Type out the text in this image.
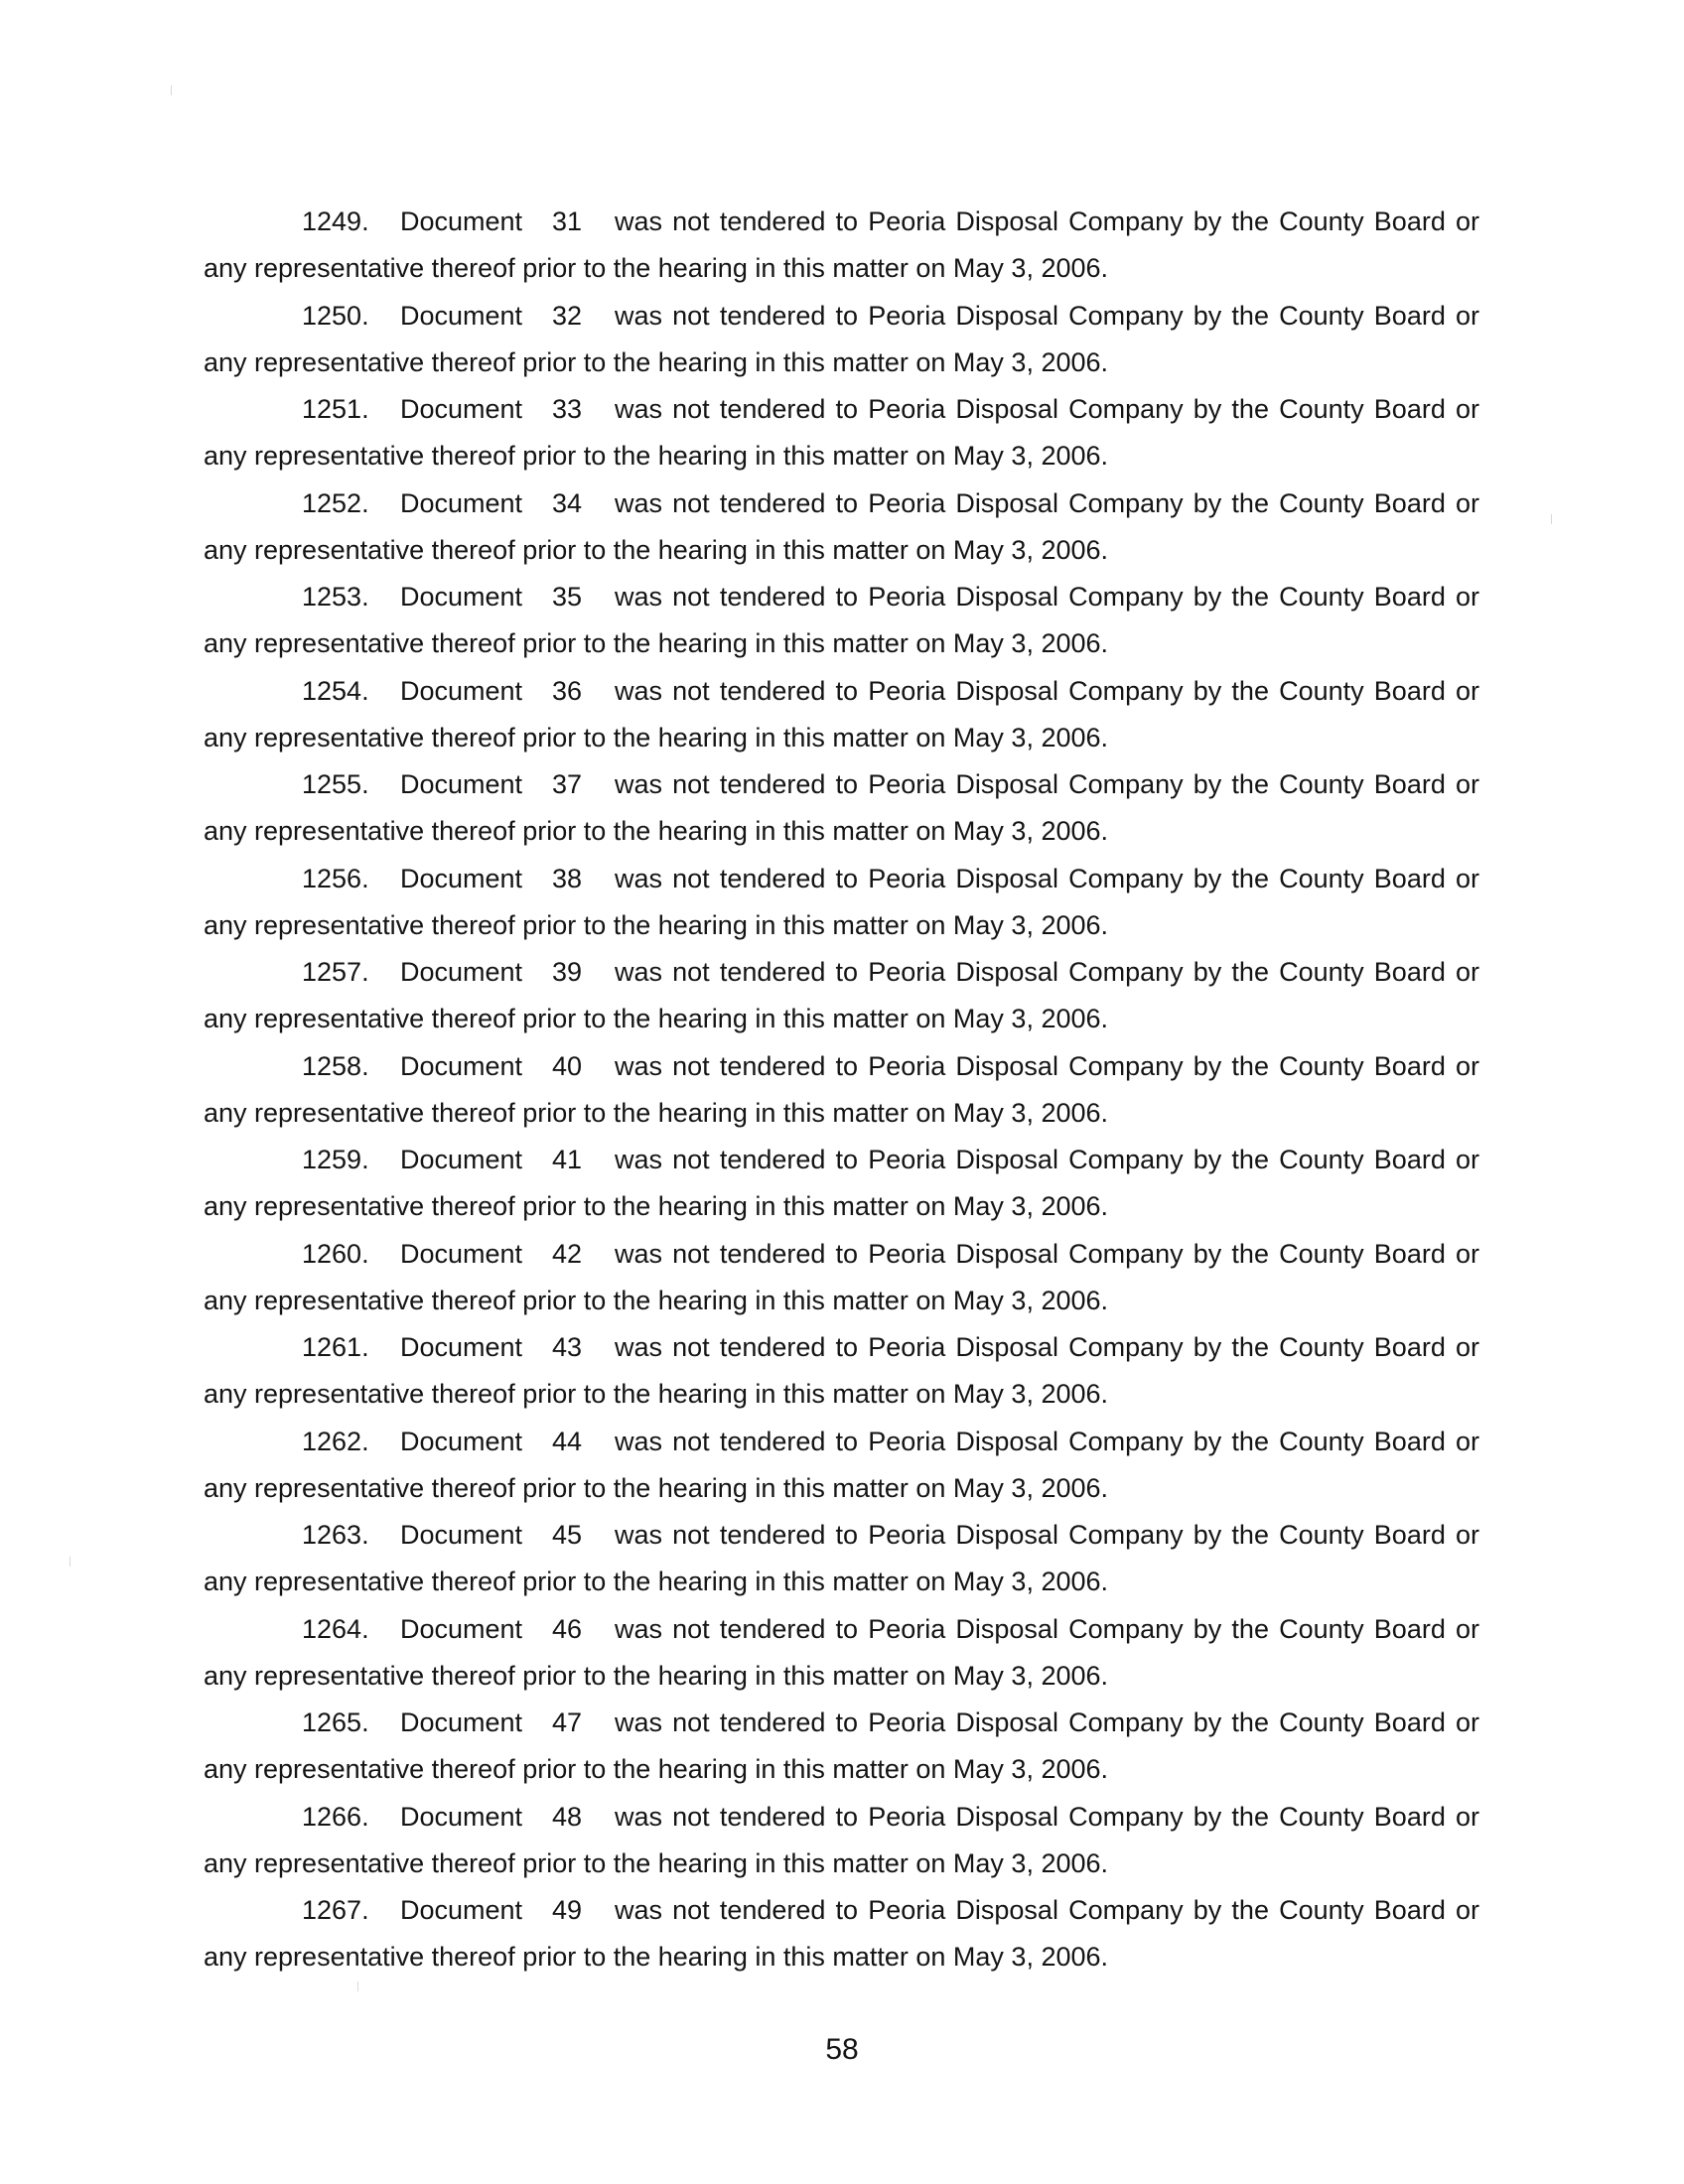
1249. Document 31 was not tendered to Peoria Disposal Company by the County Board or
any representative thereof prior to the hearing in this matter on May 3, 2006.
1250. Document 32 was not tendered to Peoria Disposal Company by the County Board or
any representative thereof prior to the hearing in this matter on May 3, 2006.
1251. Document 33 was not tendered to Peoria Disposal Company by the County Board or
any representative thereof prior to the hearing in this matter on May 3, 2006.
1252. Document 34 was not tendered to Peoria Disposal Company by the County Board or
any representative thereof prior to the hearing in this matter on May 3, 2006.
1253. Document 35 was not tendered to Peoria Disposal Company by the County Board or
any representative thereof prior to the hearing in this matter on May 3, 2006.
1254. Document 36 was not tendered to Peoria Disposal Company by the County Board or
any representative thereof prior to the hearing in this matter on May 3, 2006.
1255. Document 37 was not tendered to Peoria Disposal Company by the County Board or
any representative thereof prior to the hearing in this matter on May 3, 2006.
1256. Document 38 was not tendered to Peoria Disposal Company by the County Board or
any representative thereof prior to the hearing in this matter on May 3, 2006.
1257. Document 39 was not tendered to Peoria Disposal Company by the County Board or
any representative thereof prior to the hearing in this matter on May 3, 2006.
1258. Document 40 was not tendered to Peoria Disposal Company by the County Board or
any representative thereof prior to the hearing in this matter on May 3, 2006.
1259. Document 41 was not tendered to Peoria Disposal Company by the County Board or
any representative thereof prior to the hearing in this matter on May 3, 2006.
1260. Document 42 was not tendered to Peoria Disposal Company by the County Board or
any representative thereof prior to the hearing in this matter on May 3, 2006.
1261. Document 43 was not tendered to Peoria Disposal Company by the County Board or
any representative thereof prior to the hearing in this matter on May 3, 2006.
1262. Document 44 was not tendered to Peoria Disposal Company by the County Board or
any representative thereof prior to the hearing in this matter on May 3, 2006.
1263. Document 45 was not tendered to Peoria Disposal Company by the County Board or
any representative thereof prior to the hearing in this matter on May 3, 2006.
1264. Document 46 was not tendered to Peoria Disposal Company by the County Board or
any representative thereof prior to the hearing in this matter on May 3, 2006.
1265. Document 47 was not tendered to Peoria Disposal Company by the County Board or
any representative thereof prior to the hearing in this matter on May 3, 2006.
1266. Document 48 was not tendered to Peoria Disposal Company by the County Board or
any representative thereof prior to the hearing in this matter on May 3, 2006.
1267. Document 49 was not tendered to Peoria Disposal Company by the County Board or
any representative thereof prior to the hearing in this matter on May 3, 2006.
58
